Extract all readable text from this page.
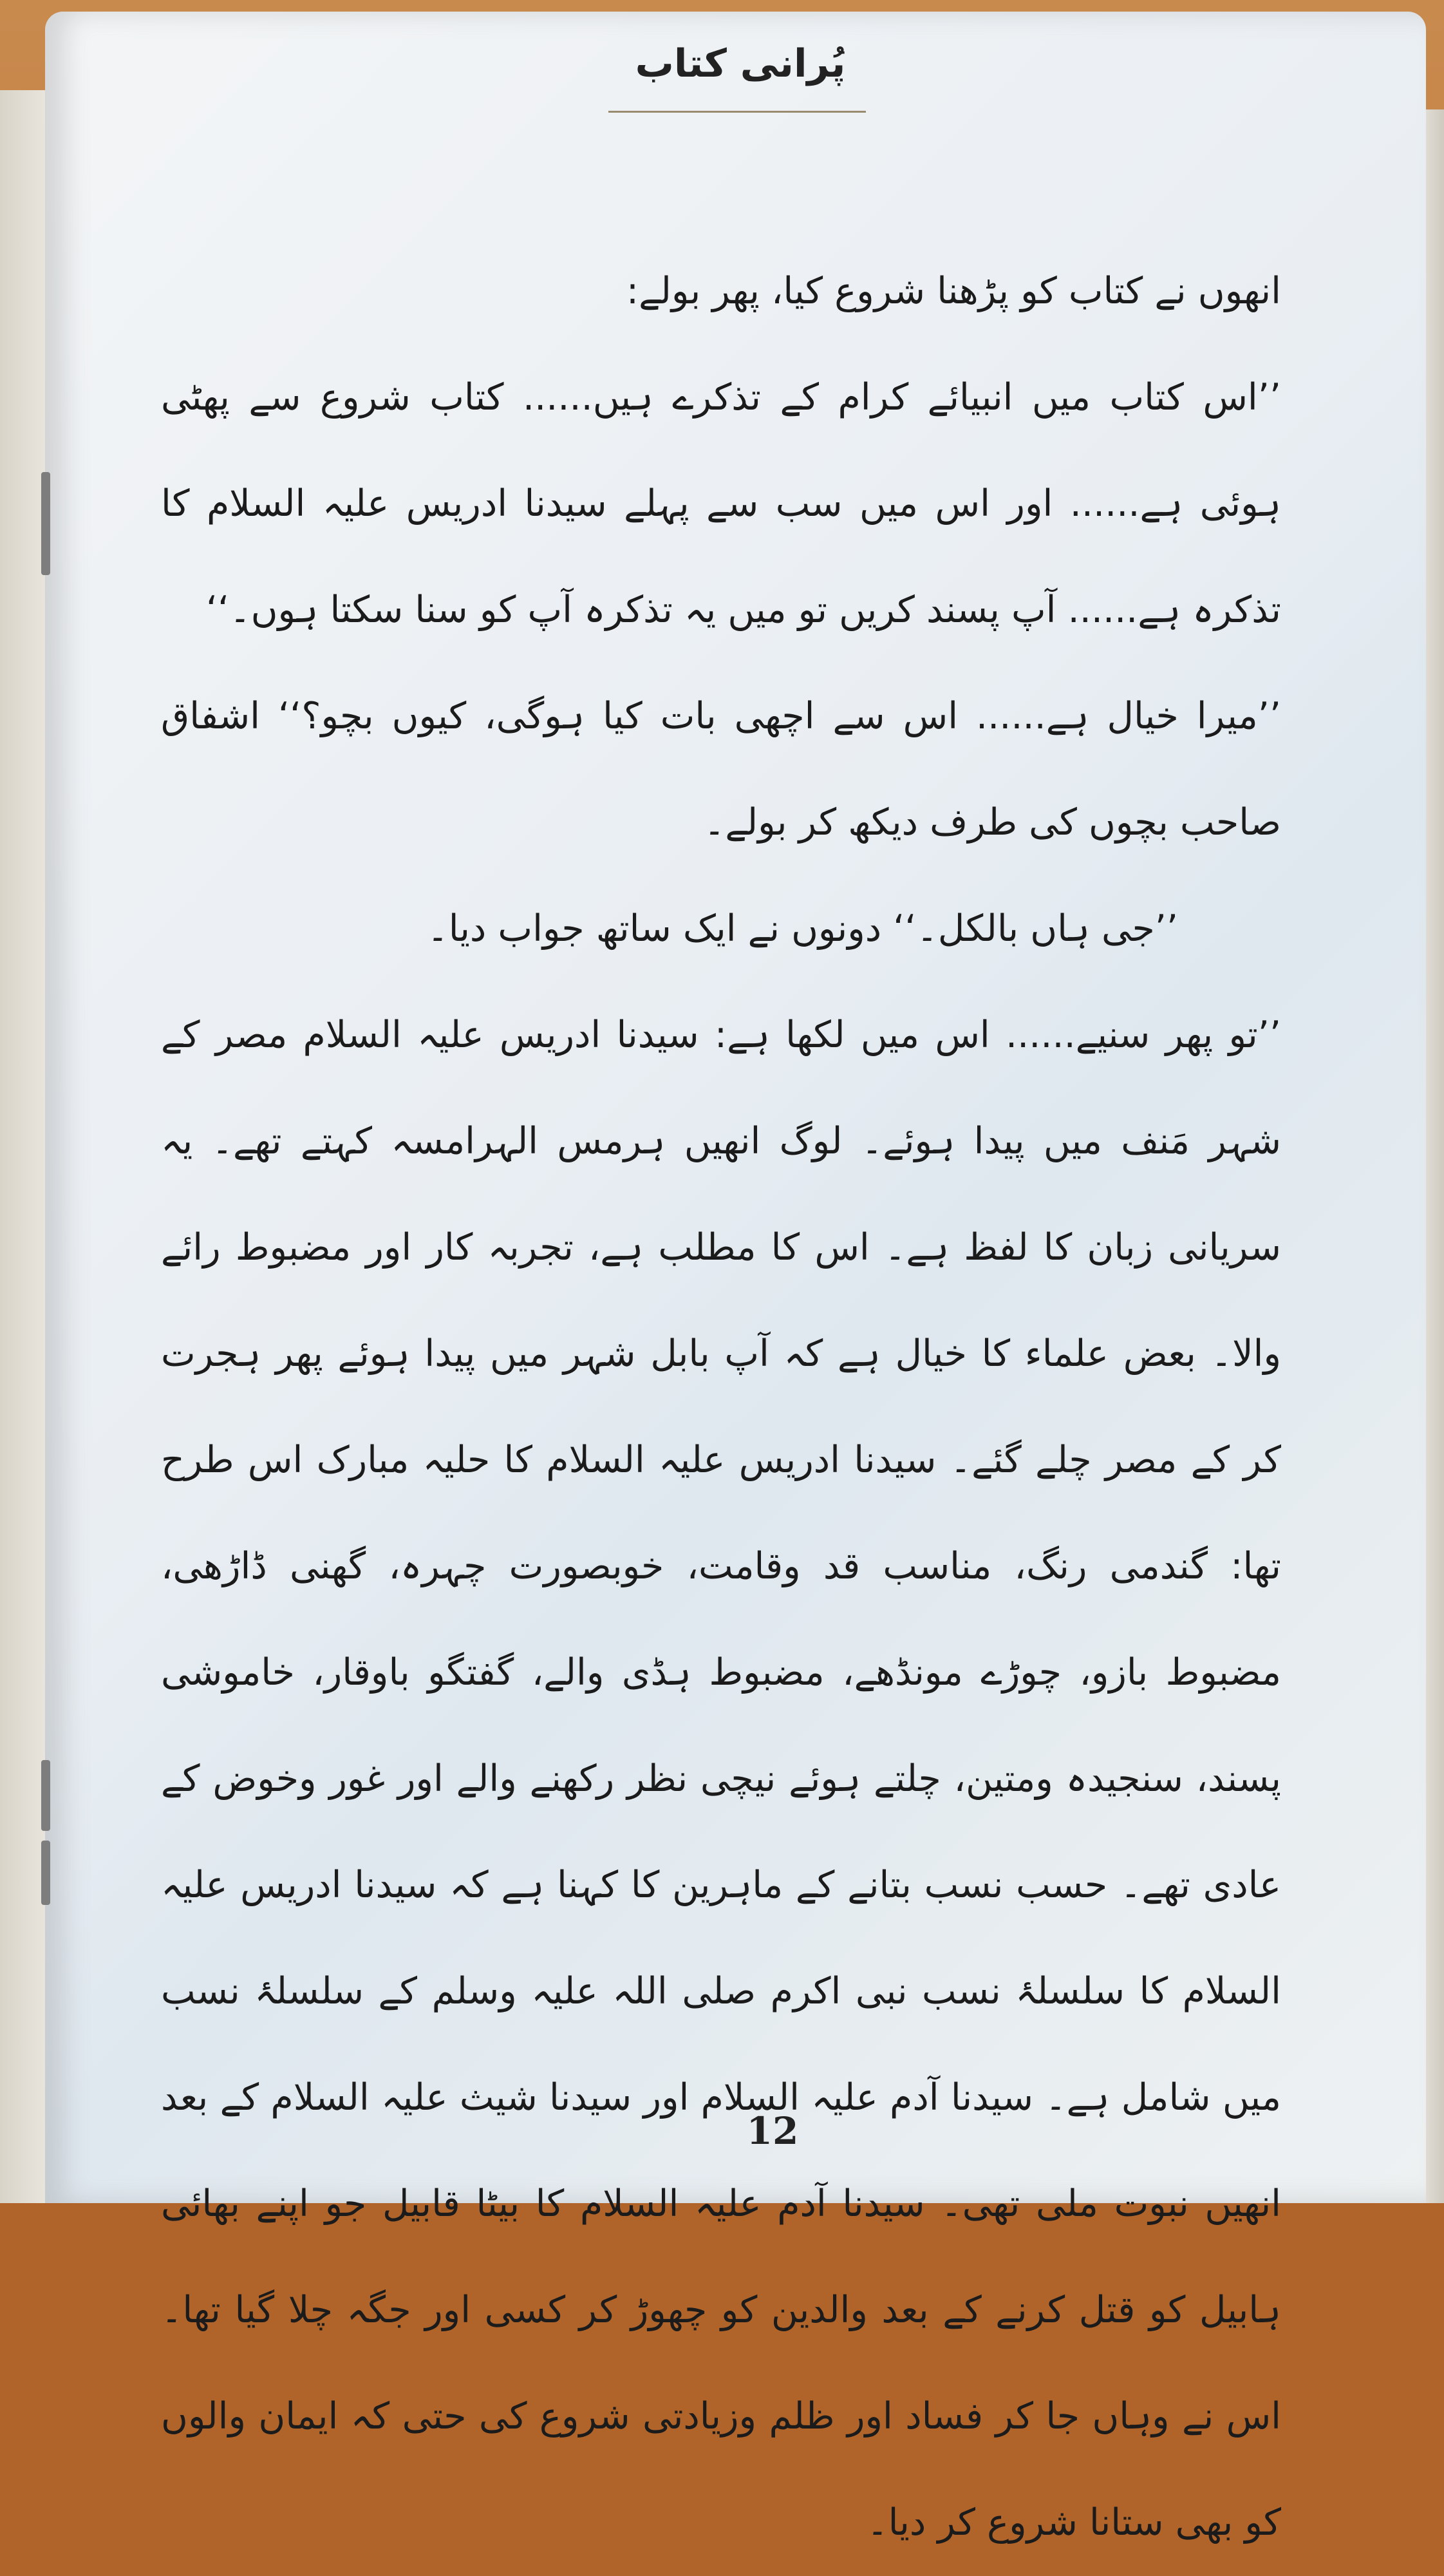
پُرانی کتاب

انھوں نے کتاب کو پڑھنا شروع کیا، پھر بولے:

’’اس کتاب میں انبیائے کرام کے تذکرے ہیں...... کتاب شروع سے پھٹی ہوئی ہے...... اور اس میں سب سے پہلے سیدنا ادریس علیہ السلام کا تذکرہ ہے...... آپ پسند کریں تو میں یہ تذکرہ آپ کو سنا سکتا ہوں۔‘‘

’’میرا خیال ہے...... اس سے اچھی بات کیا ہوگی، کیوں بچو؟‘‘ اشفاق صاحب بچوں کی طرف دیکھ کر بولے۔

’’جی ہاں بالکل۔‘‘ دونوں نے ایک ساتھ جواب دیا۔

’’تو پھر سنیے...... اس میں لکھا ہے: سیدنا ادریس علیہ السلام مصر کے شہر مَنف میں پیدا ہوئے۔ لوگ انھیں ہرمس الہرامسہ کہتے تھے۔ یہ سریانی زبان کا لفظ ہے۔ اس کا مطلب ہے، تجربہ کار اور مضبوط رائے والا۔ بعض علماء کا خیال ہے کہ آپ بابل شہر میں پیدا ہوئے پھر ہجرت کر کے مصر چلے گئے۔ سیدنا ادریس علیہ السلام کا حلیہ مبارک اس طرح تھا: گندمی رنگ، مناسب قد وقامت، خوبصورت چہرہ، گھنی ڈاڑھی، مضبوط بازو، چوڑے مونڈھے، مضبوط ہڈی والے، گفتگو باوقار، خاموشی پسند، سنجیدہ ومتین، چلتے ہوئے نیچی نظر رکھنے والے اور غور وخوض کے عادی تھے۔ حسب نسب بتانے کے ماہرین کا کہنا ہے کہ سیدنا ادریس علیہ السلام کا سلسلۂ نسب نبی اکرم صلی اللہ علیہ وسلم کے سلسلۂ نسب میں شامل ہے۔ سیدنا آدم علیہ السلام اور سیدنا شیث علیہ السلام کے بعد انھیں نبوت ملی تھی۔ سیدنا آدم علیہ السلام کا بیٹا قابیل جو اپنے بھائی ہابیل کو قتل کرنے کے بعد والدین کو چھوڑ کر کسی اور جگہ چلا گیا تھا۔ اس نے وہاں جا کر فساد اور ظلم وزیادتی شروع کی حتی کہ ایمان والوں کو بھی ستانا شروع کر دیا۔

12
